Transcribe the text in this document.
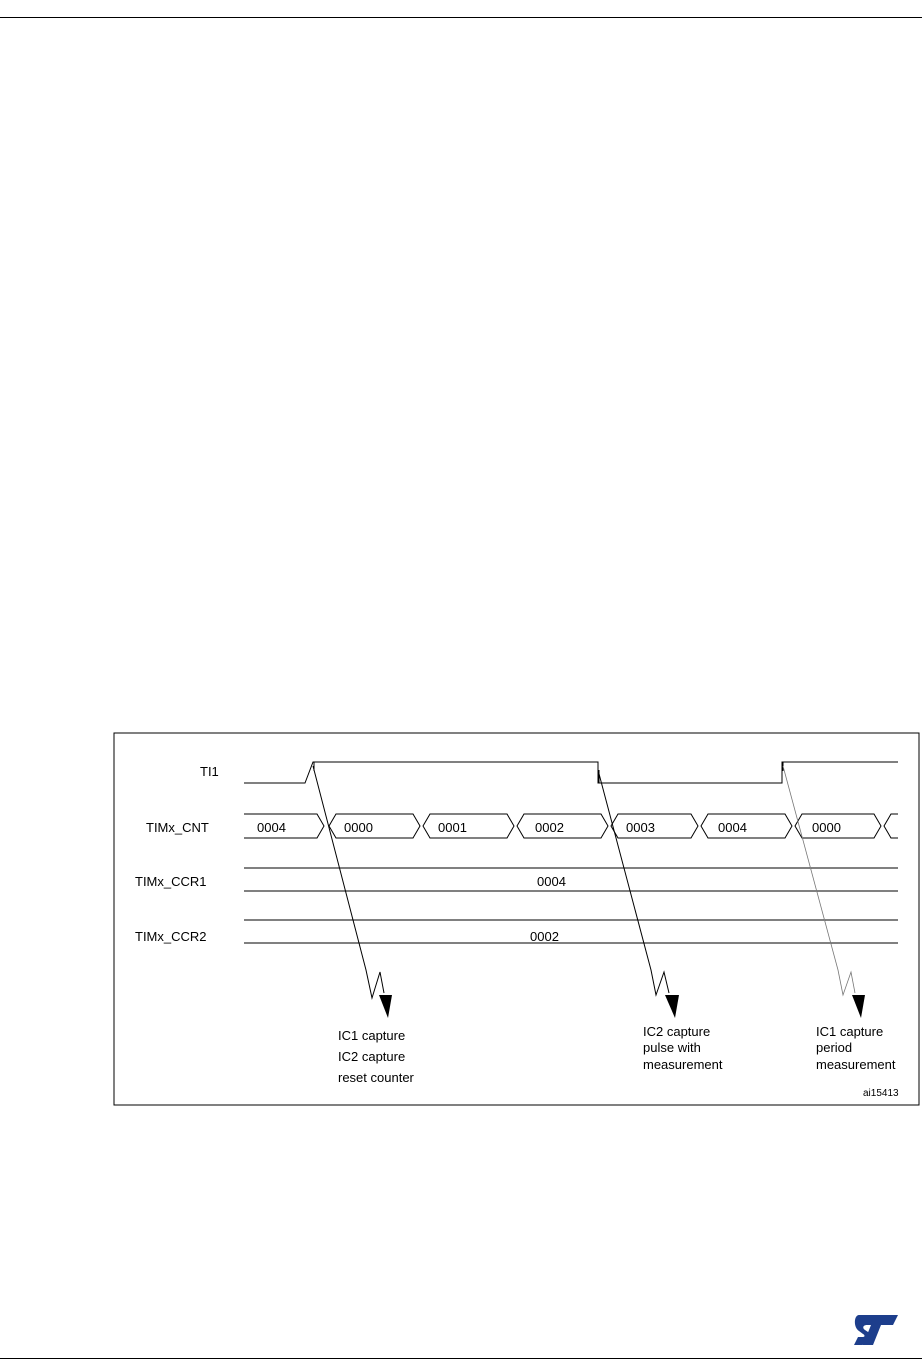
TI1
TIMx_CNT
TIMx_CCR1
TIMx_CCR2
0004	0000	0001	0002	0003	0004	0000
0004
0002
IC1 capture
IC2 capture
reset counter
IC2 capture
pulse with
measurement
IC1 capture
period
measurement
ai15413
